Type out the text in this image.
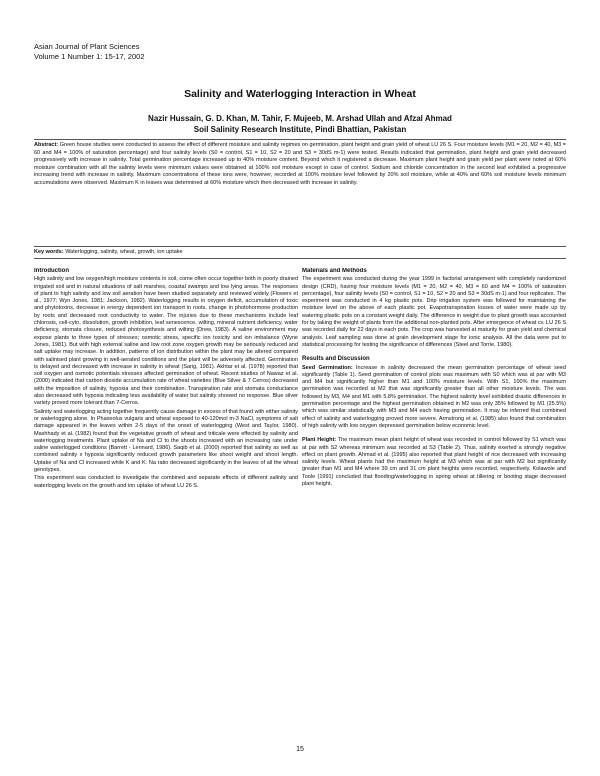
Asian Journal of Plant Sciences
Volume 1 Number 1: 15-17, 2002
Salinity and Waterlogging Interaction in Wheat
Nazir Hussain, G. D. Khan, M. Tahir, F. Mujeeb, M. Arshad Ullah and Afzal Ahmad
Soil Salinity Research Institute, Pindi Bhattian, Pakistan
Abstract: Green house studies were conducted to assess the effect of different moisture and salinity regimes on germination, plant height and grain yield of wheat LU 26 S. Four moisture levels (M1 = 20, M2 = 40, M3 = 60 and M4 = 100% of saturation percentage) and four salinity levels (S0 = control, S1 = 10, S2 = 20 and S3 = 30dS m-1) were tested. Results indicated that germination, plant height and grain yield decreased progressively with increase in salinity. Total germination percentage increased up to 40% moisture content. Beyond which it registered a decrease. Maximum plant height and grain yield per plant were noted at 60% moisture combination with all the salinity levels were minimum values were obtained at 100% soil moisture except in case of control. Sodium and chloride concentration in the second leaf exhibited a progressive increasing trend with increase in salinity. Maximum concentrations of these ions were, however, recorded at 100% moisture level followed by 20% soil moisture, while at 40% and 60% soil moisture levels minimum accumulations were observed. Maximum K in leaves was determined at 60% moisture which then decreased with increase in salinity.
Key words: Waterlogging, salinity, wheat, growth, ion uptake
Introduction

High salinity and low oxygen/high moisture contents in soil, come often occur together both in poorly drained irrigated soil and in natural situations of salt marshes, coastal swamps and low lying areas. The responses of plant to high salinity and low soil aeration have been studied separately and reviewed widely (Flowers et al., 1977; Wyn Jones, 1981; Jackson, 1982). Waterlogging results in oxygen deficit, accumulation of toxic and phytotoxins, decrease in energy dependent ion transport in roots, change in photohormone production by roots and decreased root conductivity to water. The injuries due to these mechanisms include leaf chlorosis, cell-cyto, dissolution, growth inhibition, leaf senescence, wilting, mineral nutrient deficiency, water deficiency, stomata closure, reduced photosynthesis and wilting (Drew, 1983). A saline environment may expose plants to three types of stresses; osmotic stress, specific ion toxicity and ion imbalance (Wyne Jones, 1981). But with high external saline and low root zone oxygen growth may be seriously reduced and salt uptake may increase. In addition, patterns of ion distribution within the plant may be altered compared with salinised plant growing in well-aerated conditions and the plant will be adversely affected. Germination is delayed and decreased with increase in salinity in wheat (Sarig, 1981). Akhtar et al. (1978) reported that soil oxygen and osmotic potentials stresses affected germination of wheat. Recent studies of Nawaz et al. (2000) indicated that carbon dioxide accumulation rate of wheat varieties (Blue Silver & 7 Cerros) decreased with the imposition of salinity, hypoxia and their combination. Transpiration rate and stomata conductance also decreased with hypoxia indicating less availability of water but salinity showed no response. Blue silver variety proved more tolerant than 7-Cerros.

Salinity and waterlogging acting together frequently cause damage in excess of that found with either salinity or waterlogging alone. In Phaseolus vulgaris and wheat exposed to 40-120mol m-3 NaCl, symptoms of salt damage appeared in the leaves within 2-5 days of the onset of waterlogging (West and Taylor, 1980). Mashhady et al. (1982) found that the vegetative growth of wheat and triticale were effected by salinity and waterlogging treatments. Plant uptake of Na and Cl to the shoots increased with an increasing rate under saline waterlogged conditions (Barrett - Lennard, 1986). Saqib et al. (2000) reported that salinity as well as combined salinity x hypoxia significantly reduced growth parameters like shoot weight and shoot length. Uptake of Na and Cl increased while K and K: Na ratio decreased significantly in the leaves of all the wheat genotypes.

This experiment was conducted to investigate the combined and separate effects of different salinity and waterlogging levels on the growth and ion uptake of wheat LU 26 S.

Materials and Methods

The experiment was conducted during the year 1999 in factorial arrangement with completely randomized design (CRD), having four moisture levels (M1 = 20, M2 = 40, M3 = 60 and M4 = 100% of saturation percentage), four salinity levels (S0 = control, S1 = 10, S2 = 20 and S3 = 30dS m-1) and four replicates. The experiment was conducted in 4 kg plastic pots. Drip irrigation system was followed for maintaining the moisture level on the above of each plastic pot. Evapotranspiration losses of water were made up by watering plastic pots on a constant weight daily. The difference in weight due to plant growth was accounted for by taking the weight of plants from the additional non-planted pots. After emergence of wheat cv. LU 26 S was recorded daily for 22 days in each pots. The crop was harvested at maturity for grain yield and chemical analysis. Leaf sampling was done at grain development stage for ionic analysis. All the data were put to statistical processing for testing the significance of differences (Steel and Torrie, 1980).

Results and Discussion

Seed Germination: Increase in salinity decreased the mean germination percentage of wheat seed significantly (Table 1). Seed germination of control plots was maximum with S0 which was at par with M3 and M4 but significantly higher than M1 and 100% moisture levels. With S1, 100% the maximum germination was recorded at M2 that was significantly greater than all other moisture levels. The was followed by M3, M4 and M1 with 5.8% germination. The highest salinity level exhibited drastic differences in germination percentage and the highest germination obtained in M2 was only 35% followed by M1 (25.5%) which was similar statistically with M3 and M4 each having germination. It may be inferred that combined effect of salinity and waterlogging proved more severe. Armstrong et al. (1985) also found that combination of high salinity with low oxygen depressed germination below economic level.

Plant Height: The maximum mean plant height of wheat was recorded in control followed by S1 which was at par with S2 whereas minimum was recorded at S3 (Table 2). Thus, salinity exerted a strongly negative effect on plant growth. Ahmad et al. (1995) also reported that plant height of rice decreased with increasing salinity levels. Wheat plants had the maximum height at M3 which was at par with M2 but significantly greater than M1 and M4 where 39 cm and 31 cm plant heights were recorded, respectively. Kolawole and Toole (1991) concluded that flooding/waterlogging in spring wheat at tillering or booting stage decreased plant height.

15
